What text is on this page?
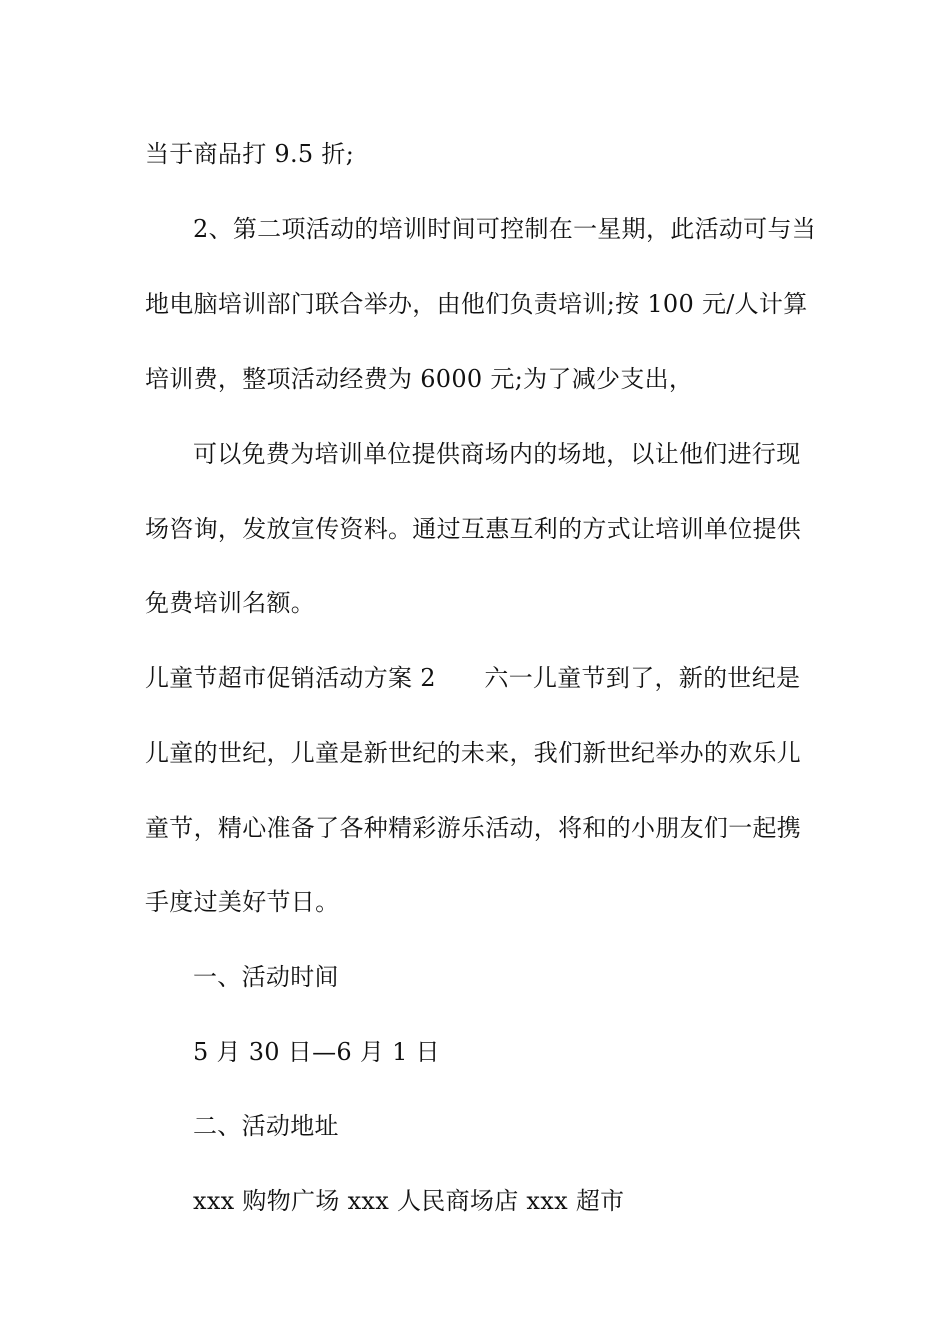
当于商品打 9.5 折;
2、第二项活动的培训时间可控制在一星期，此活动可与当
地电脑培训部门联合举办，由他们负责培训;按 100 元/人计算
培训费，整项活动经费为 6000 元;为了减少支出，
可以免费为培训单位提供商场内的场地，以让他们进行现
场咨询，发放宣传资料。通过互惠互利的方式让培训单位提供
免费培训名额。
儿童节超市促销活动方案 2　　六一儿童节到了，新的世纪是
儿童的世纪，儿童是新世纪的未来，我们新世纪举办的欢乐儿
童节，精心准备了各种精彩游乐活动，将和的小朋友们一起携
手度过美好节日。
一、活动时间
5 月 30 日—6 月 1 日
二、活动地址
xxx 购物广场 xxx 人民商场店 xxx 超市
